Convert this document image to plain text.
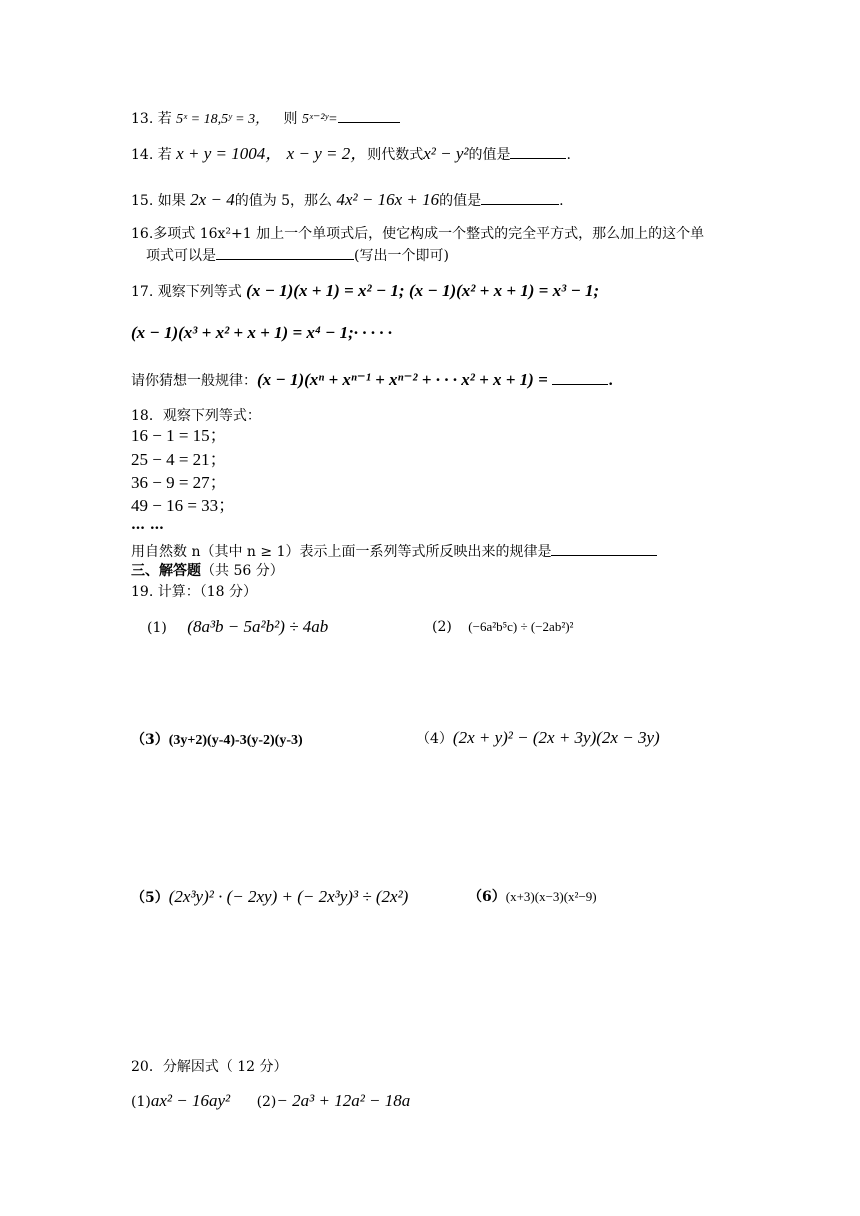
13. 若 5ˣ = 18,5ʸ = 3， 则 5ˣ⁻²ʸ=
14. 若 x + y = 1004， x − y = 2，则代数式x² − y²的值是	.
15. 如果 2x − 4的值为 5，那么 4x² − 16x + 16的值是	.
16.多项式 16x²+1 加上一个单项式后，使它构成一个整式的完全平方式，那么加上的这个单
项式可以是	(写出一个即可)
17. 观察下列等式 (x − 1)(x + 1) = x² − 1; (x − 1)(x² + x + 1) = x³ − 1;
(x − 1)(x³ + x² + x + 1) = x⁴ − 1;· · · · ·
请你猜想一般规律：(x − 1)(xⁿ + xⁿ⁻¹ + xⁿ⁻² + · · · x² + x + 1) =	.
18．观察下列等式：
16 − 1 = 15；
25 − 4 = 21；
36 − 9 = 27；
49 − 16 = 33；
… …
用自然数 n（其中 n ≥ 1）表示上面一系列等式所反映出来的规律是
三、解答题（共 56 分）
19. 计算：（18 分）
(1) (8a³b − 5a²b²) ÷ 4ab	(2) (−6a²b⁵c) ÷ (−2ab²)²
（3）(3y+2)(y-4)-3(y-2)(y-3)	（4）(2x + y)² − (2x + 3y)(2x − 3y)
（5）(2x³y)² · (− 2xy) + (− 2x³y)³ ÷ (2x²)	（6）(x+3)(x−3)(x²−9)
20．分解因式（ 12 分）
(1)ax² − 16ay² (2)− 2a³ + 12a² − 18a
